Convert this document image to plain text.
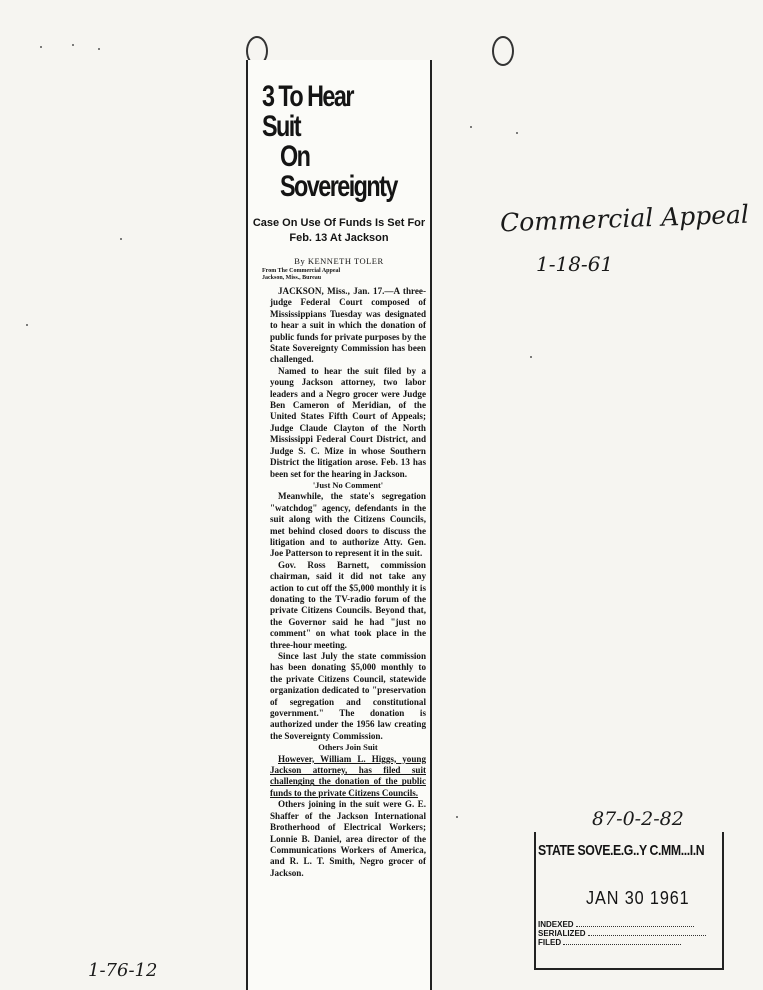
3 To Hear Suit
On Sovereignty
Case On Use Of Funds Is Set For Feb. 13 At Jackson
By KENNETH TOLER
From The Commercial Appeal
Jackson, Miss., Bureau

JACKSON, Miss., Jan. 17.—A three-judge Federal Court composed of Mississippians Tuesday was designated to hear a suit in which the donation of public funds for private purposes by the State Sovereignty Commission has been challenged.

Named to hear the suit filed by a young Jackson attorney, two labor leaders and a Negro grocer were Judge Ben Cameron of Meridian, of the United States Fifth Court of Appeals; Judge Claude Clayton of the North Mississippi Federal Court District, and Judge S. C. Mize in whose Southern District the litigation arose. Feb. 13 has been set for the hearing in Jackson.

'Just No Comment'

Meanwhile, the state's segregation "watchdog" agency, defendants in the suit along with the Citizens Councils, met behind closed doors to discuss the litigation and to authorize Atty. Gen. Joe Patterson to represent it in the suit.

Gov. Ross Barnett, commission chairman, said it did not take any action to cut off the $5,000 monthly it is donating to the TV-radio forum of the private Citizens Councils. Beyond that, the Governor said he had "just no comment" on what took place in the three-hour meeting.

Since last July the state commission has been donating $5,000 monthly to the private Citizens Council, statewide organization dedicated to "preservation of segregation and constitutional government." The donation is authorized under the 1956 law creating the Sovereignty Commission.

Others Join Suit

However, William L. Higgs, young Jackson attorney, has filed suit challenging the donation of the public funds to the private Citizens Councils.

Others joining in the suit were G. E. Shaffer of the Jackson International Brotherhood of Electrical Workers; Lonnie B. Daniel, area director of the Communications Workers of America, and R. L. T. Smith, Negro grocer of Jackson.

Commercial Appeal
1-18-61
1-76-12
87-0-2-82
STATE SOVE.E.G..Y C.MM...I.N
JAN 30 1961
INDEXED
SERIALIZED
FILED
